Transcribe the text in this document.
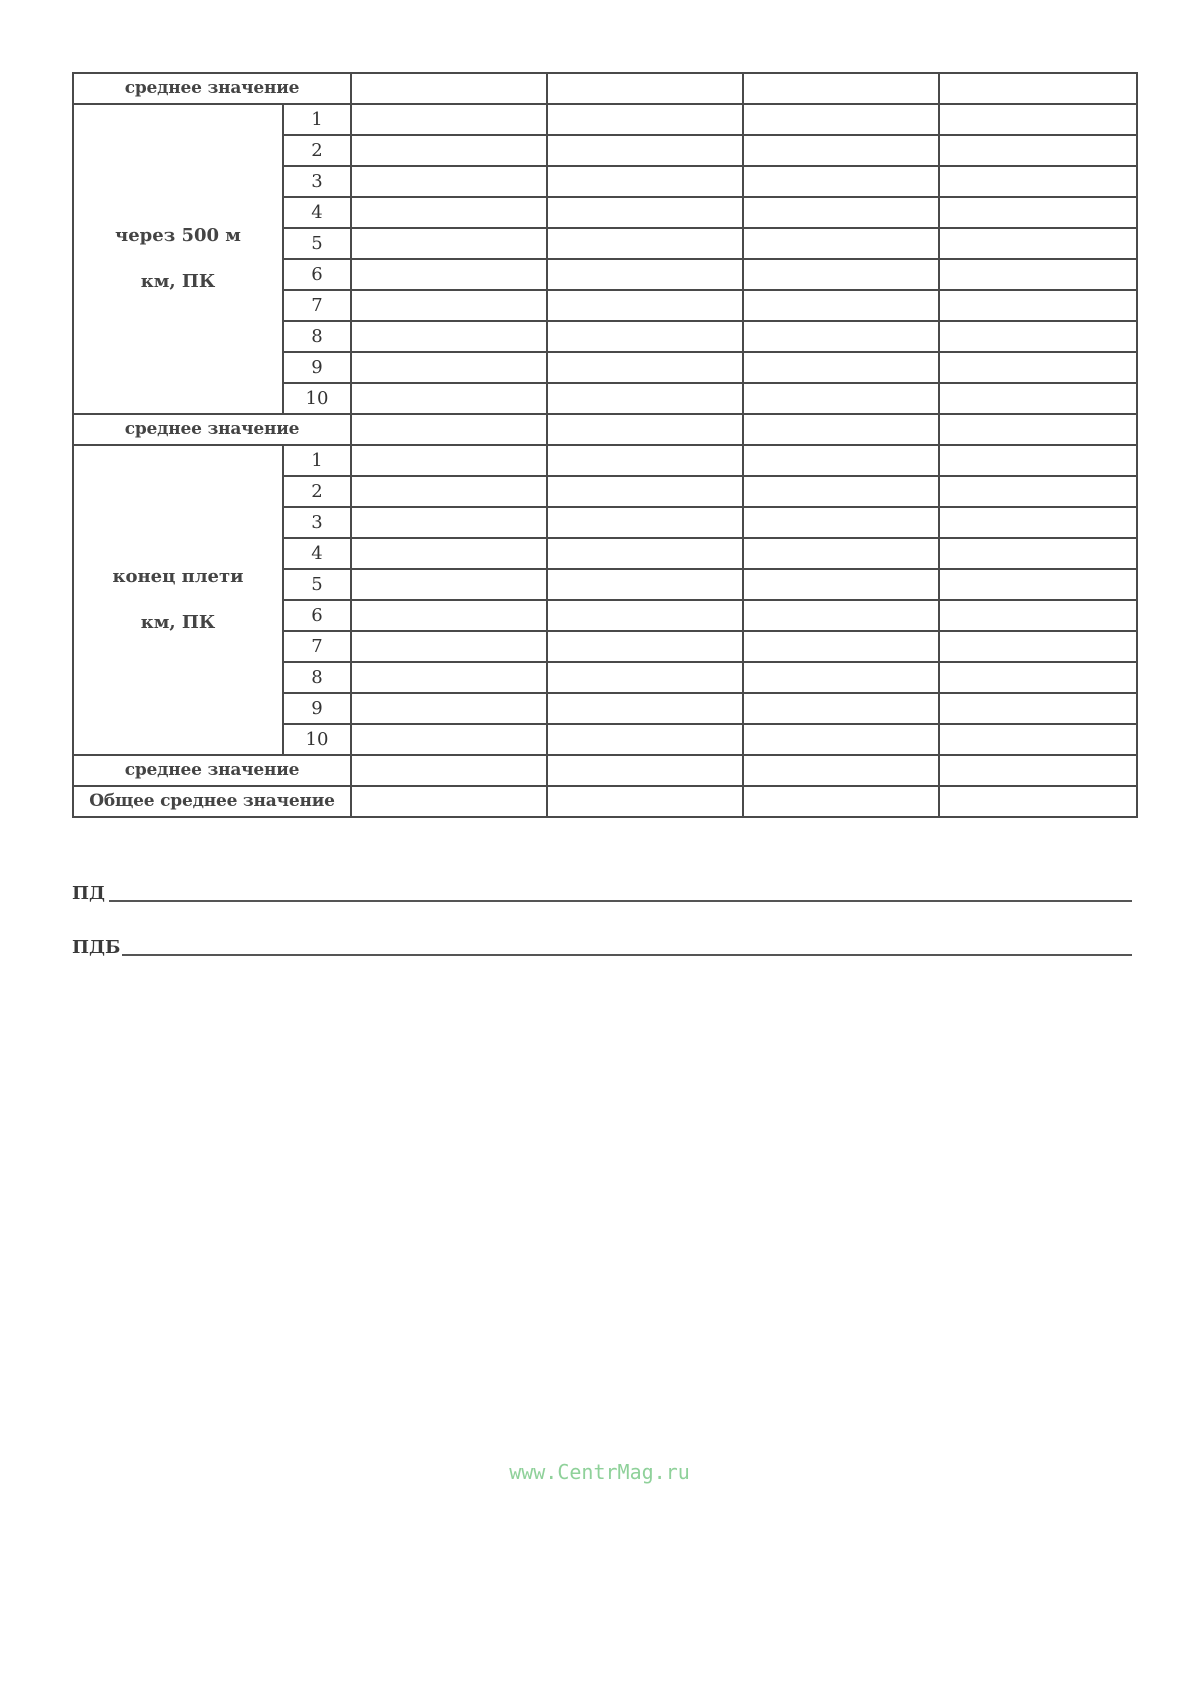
среднее значение					

через 500 м
км, ПК	1				
	2				
	3				
	4				
	5				
	6				
	7				
	8				
	9				
	10				
среднее значение					

конец плети
км, ПК	1				
	2				
	3				
	4				
	5				
	6				
	7				
	8				
	9				
	10				
среднее значение					
Общее среднее значение					
ПД
ПДБ
www.CentrMag.ru
